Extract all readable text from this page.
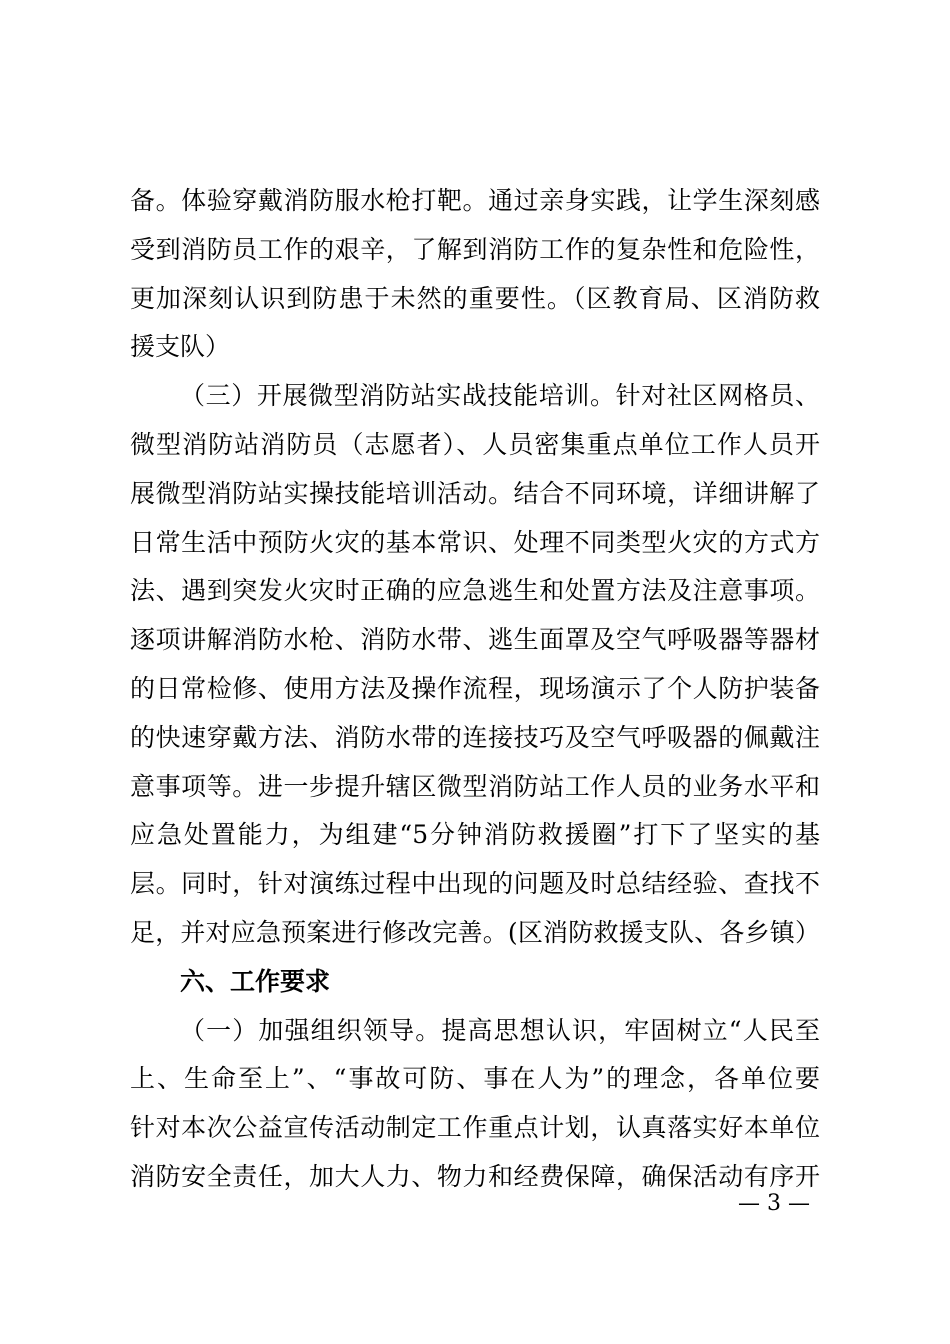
备。体验穿戴消防服水枪打靶。通过亲身实践，让学生深刻感
受到消防员工作的艰辛，了解到消防工作的复杂性和危险性，
更加深刻认识到防患于未然的重要性。（区教育局、区消防救
援支队）
（三）开展微型消防站实战技能培训。针对社区网格员、
微型消防站消防员（志愿者）、人员密集重点单位工作人员开
展微型消防站实操技能培训活动。结合不同环境，详细讲解了
日常生活中预防火灾的基本常识、处理不同类型火灾的方式方
法、遇到突发火灾时正确的应急逃生和处置方法及注意事项。
逐项讲解消防水枪、消防水带、逃生面罩及空气呼吸器等器材
的日常检修、使用方法及操作流程，现场演示了个人防护装备
的快速穿戴方法、消防水带的连接技巧及空气呼吸器的佩戴注
意事项等。进一步提升辖区微型消防站工作人员的业务水平和
应急处置能力，为组建“5分钟消防救援圈”打下了坚实的基
层。同时，针对演练过程中出现的问题及时总结经验、查找不
足，并对应急预案进行修改完善。(区消防救援支队、各乡镇）
六、工作要求
（一）加强组织领导。提高思想认识，牢固树立“人民至
上、生命至上”、“事故可防、事在人为”的理念，各单位要
针对本次公益宣传活动制定工作重点计划，认真落实好本单位
消防安全责任，加大人力、物力和经费保障，确保活动有序开
— 3 —
